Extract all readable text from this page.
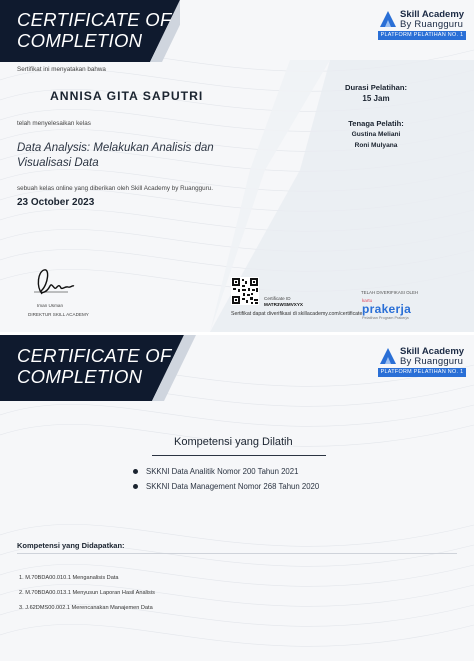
CERTIFICATE OF
COMPLETION
Skill Academy
By Ruangguru
PLATFORM PELATIHAN NO. 1
Sertifikat ini menyatakan bahwa
ANNISA GITA SAPUTRI
telah menyelesaikan kelas
Data Analysis: Melakukan Analisis dan Visualisasi Data
sebuah kelas online yang diberikan oleh Skill Academy by Ruangguru.
23 October 2023
Durasi Pelatihan:
15 Jam
Tenaga Pelatih:
Gustina Meliani
Roni Mulyana
Iman Usman
DIREKTUR SKILL ACADEMY
Certificate ID
MATR3WSMVXYX
Sertifikat dapat diverifikasi di skillacademy.com/certificate
TELAH DIVERIFIKASI OLEH
kartu
prakerja
Pelatihan Program Prakerja
CERTIFICATE OF
COMPLETION
Skill Academy
By Ruangguru
PLATFORM PELATIHAN NO. 1
Kompetensi yang Dilatih
SKKNI Data Analitik Nomor 200 Tahun 2021
SKKNI Data Management Nomor 268 Tahun 2020
Kompetensi yang Didapatkan:
1. M.70BDA00.010.1 Menganalisis Data
2. M.70BDA00.013.1 Menyusun Laporan Hasil Analisis
3. J.62DMS00.002.1 Merencanakan Manajemen Data
